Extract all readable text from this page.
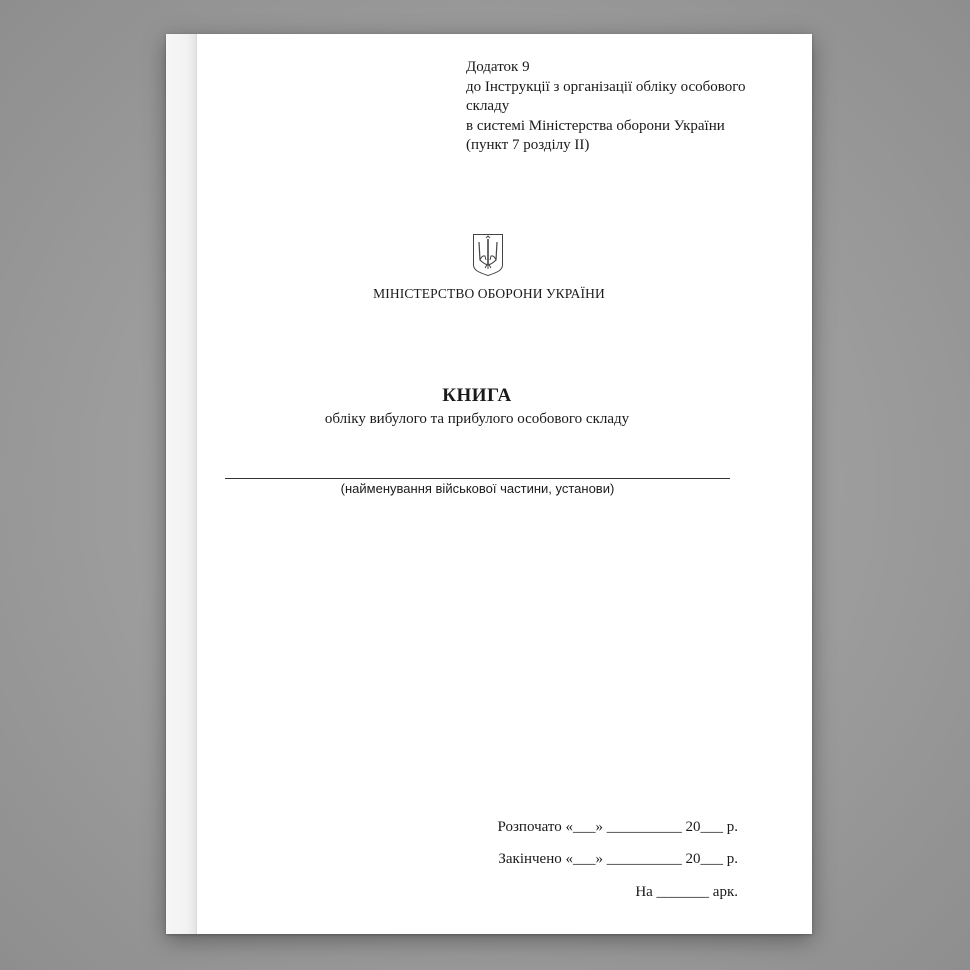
Додаток 9
до Інструкції з організації обліку особового
складу
в системі Міністерства оборони України
(пункт 7 розділу ІІ)
МІНІСТЕРСТВО ОБОРОНИ УКРАЇНИ
КНИГА
обліку вибулого та прибулого особового складу
(найменування військової частини, установи)
Розпочато «___» __________ 20___ р.
Закінчено «___» __________ 20___ р.
На _______ арк.
